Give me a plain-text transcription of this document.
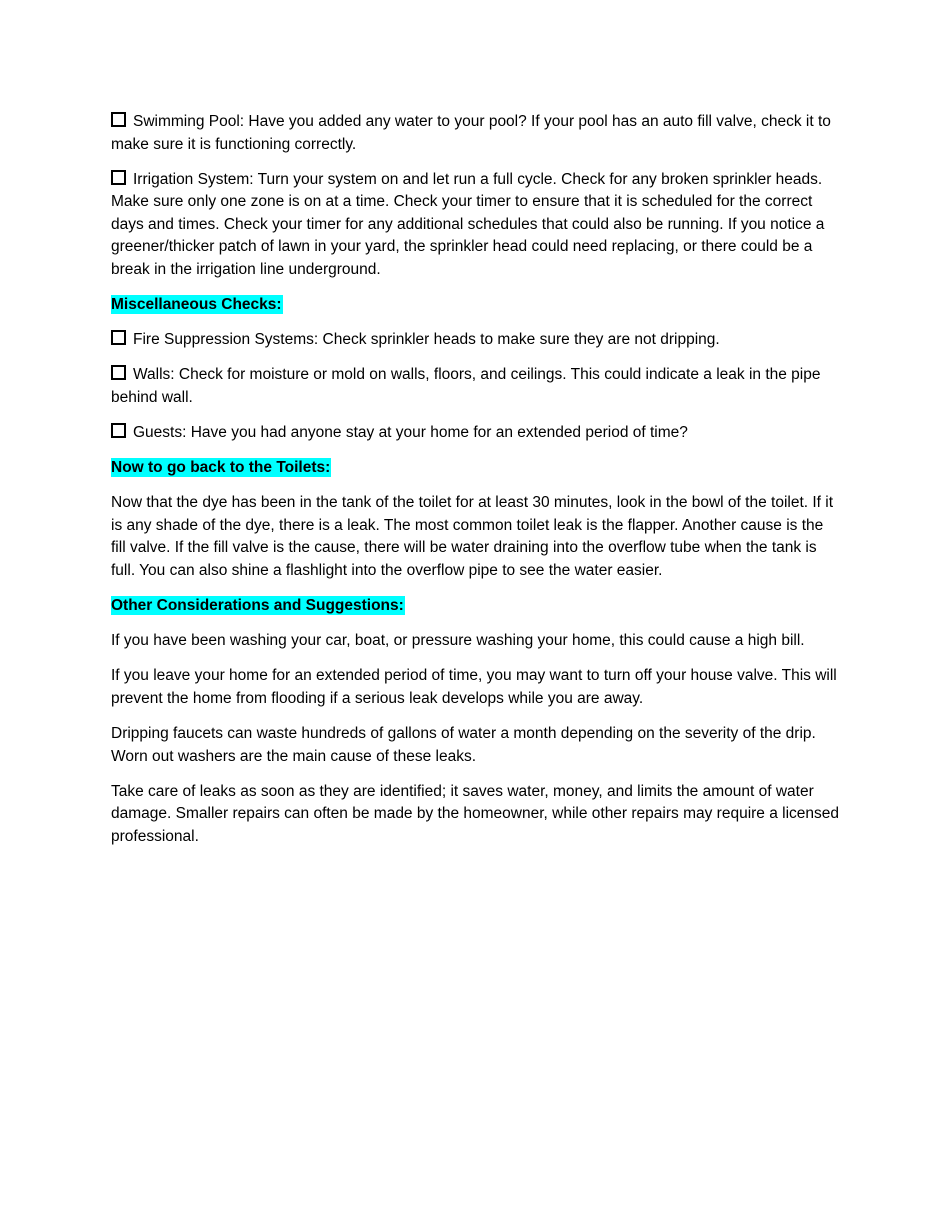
Swimming Pool: Have you added any water to your pool? If your pool has an auto fill valve, check it to make sure it is functioning correctly.

Irrigation System: Turn your system on and let run a full cycle. Check for any broken sprinkler heads. Make sure only one zone is on at a time. Check your timer to ensure that it is scheduled for the correct days and times. Check your timer for any additional schedules that could also be running. If you notice a greener/thicker patch of lawn in your yard, the sprinkler head could need replacing, or there could be a break in the irrigation line underground.

Miscellaneous Checks:

Fire Suppression Systems: Check sprinkler heads to make sure they are not dripping.

Walls: Check for moisture or mold on walls, floors, and ceilings. This could indicate a leak in the pipe behind wall.

Guests: Have you had anyone stay at your home for an extended period of time?

Now to go back to the Toilets:

Now that the dye has been in the tank of the toilet for at least 30 minutes, look in the bowl of the toilet. If it is any shade of the dye, there is a leak. The most common toilet leak is the flapper. Another cause is the fill valve. If the fill valve is the cause, there will be water draining into the overflow tube when the tank is full. You can also shine a flashlight into the overflow pipe to see the water easier.

Other Considerations and Suggestions:

If you have been washing your car, boat, or pressure washing your home, this could cause a high bill.

If you leave your home for an extended period of time, you may want to turn off your house valve. This will prevent the home from flooding if a serious leak develops while you are away.

Dripping faucets can waste hundreds of gallons of water a month depending on the severity of the drip. Worn out washers are the main cause of these leaks.

Take care of leaks as soon as they are identified; it saves water, money, and limits the amount of water damage. Smaller repairs can often be made by the homeowner, while other repairs may require a licensed professional.
